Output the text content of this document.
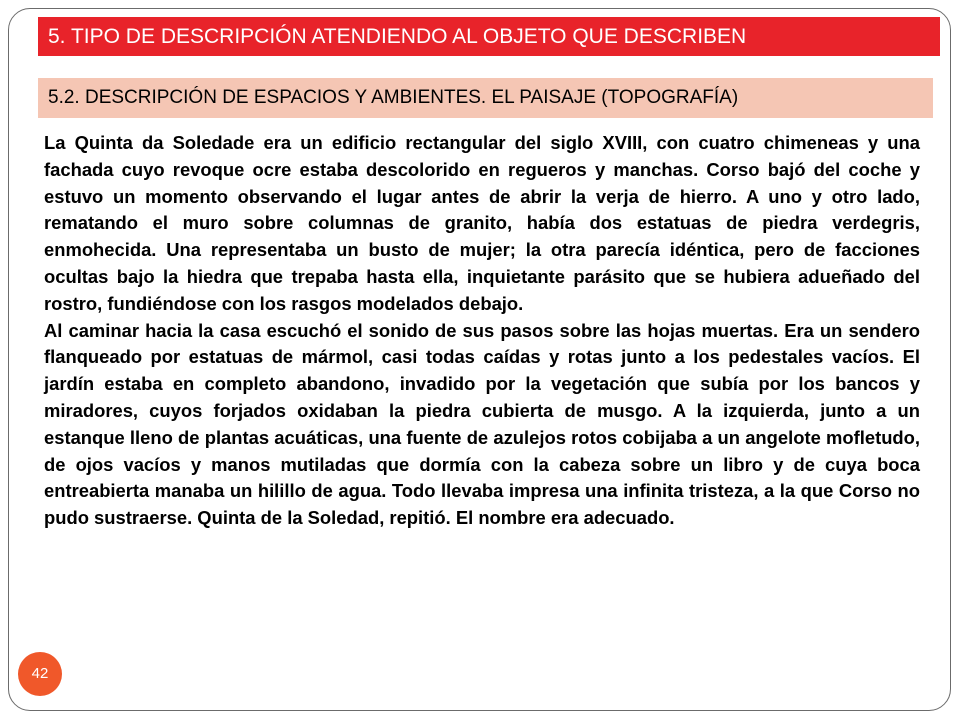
5. TIPO DE DESCRIPCIÓN ATENDIENDO AL OBJETO QUE DESCRIBEN
5.2. DESCRIPCIÓN DE ESPACIOS Y AMBIENTES. EL PAISAJE (TOPOGRAFÍA)

La Quinta da Soledade era un edificio rectangular del siglo XVIII, con cuatro chimeneas y una fachada cuyo revoque ocre estaba descolorido en regueros y manchas. Corso bajó del coche y estuvo un momento observando el lugar antes de abrir la verja de hierro. A uno y otro lado, rematando el muro sobre columnas de granito, había dos estatuas de piedra verdegris, enmohecida. Una representaba un busto de mujer; la otra parecía idéntica, pero de facciones ocultas bajo la hiedra que trepaba hasta ella, inquietante parásito que se hubiera adueñado del rostro, fundiéndose con los rasgos modelados debajo.

Al caminar hacia la casa escuchó el sonido de sus pasos sobre las hojas muertas. Era un sendero flanqueado por estatuas de mármol, casi todas caídas y rotas junto a los pedestales vacíos. El jardín estaba en completo abandono, invadido por la vegetación que subía por los bancos y miradores, cuyos forjados oxidaban la piedra cubierta de musgo. A la izquierda, junto a un estanque lleno de plantas acuáticas, una fuente de azulejos rotos cobijaba a un angelote mofletudo, de ojos vacíos y manos mutiladas que dormía con la cabeza sobre un libro y de cuya boca entreabierta manaba un hilillo de agua. Todo llevaba impresa una infinita tristeza, a la que Corso no pudo sustraerse. Quinta de la Soledad, repitió. El nombre era adecuado.

42
